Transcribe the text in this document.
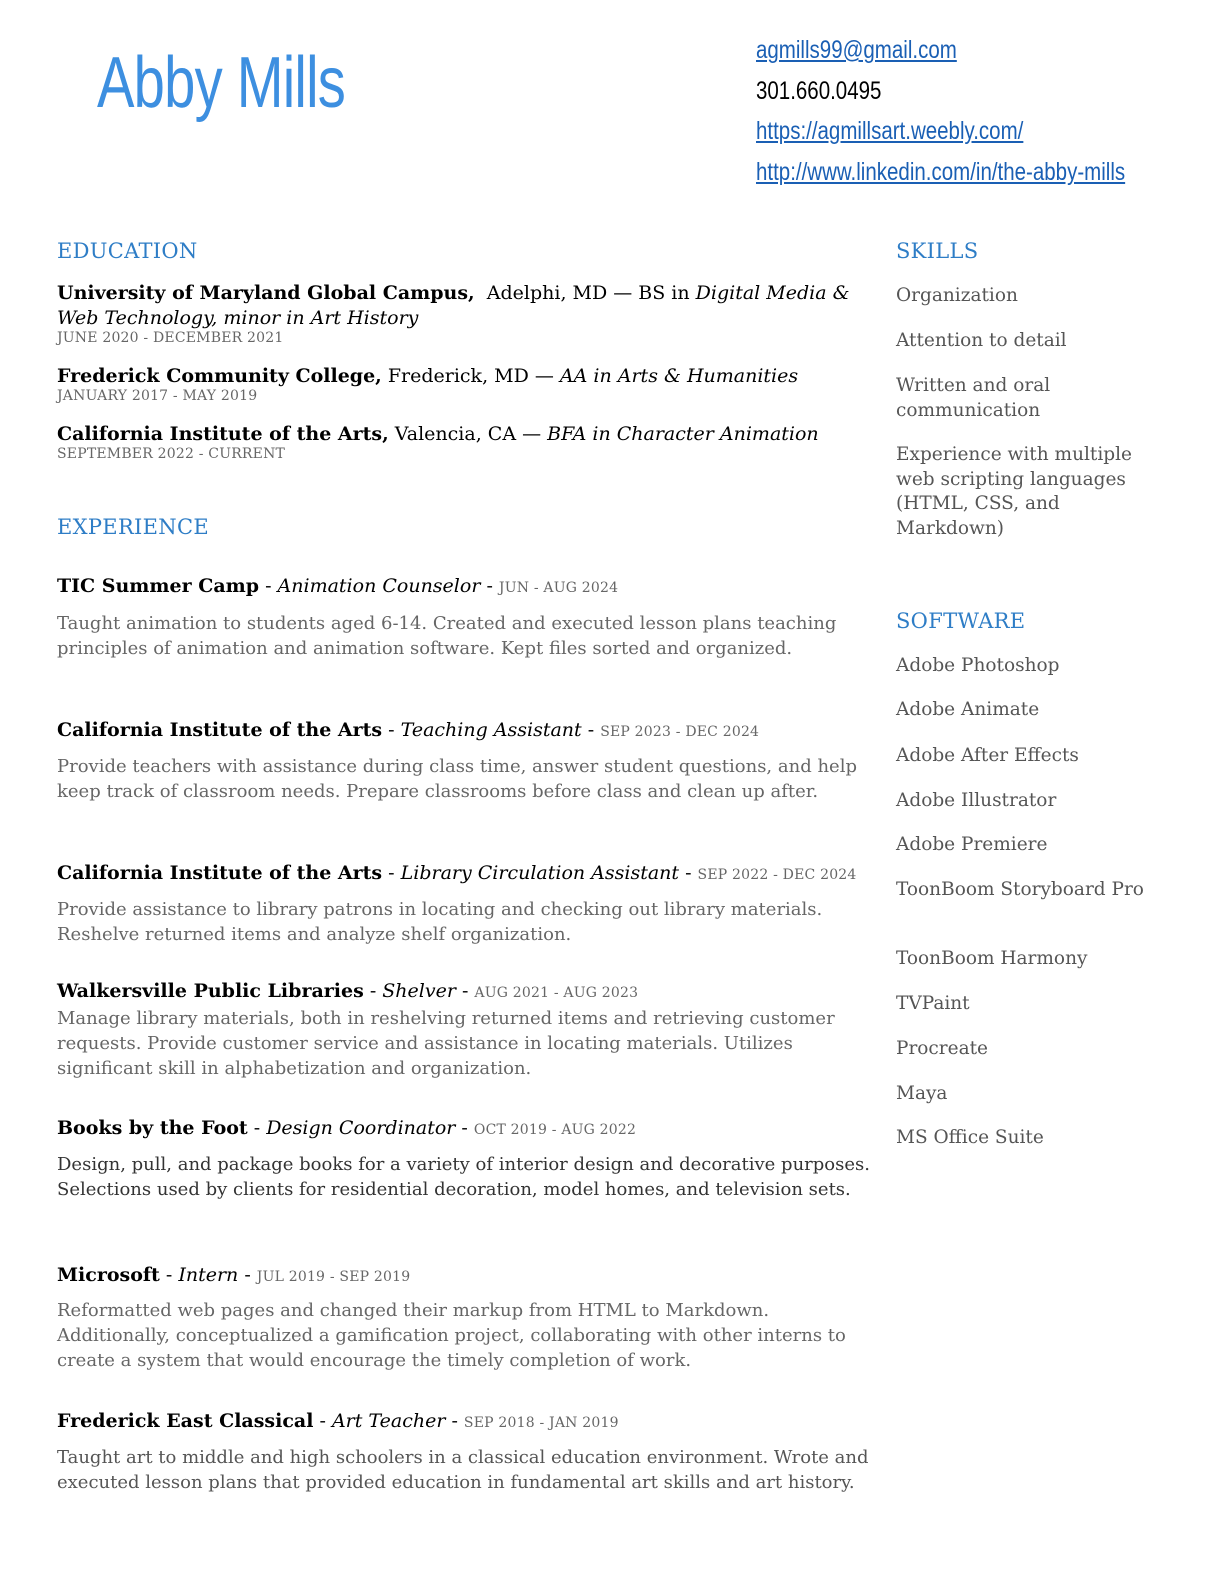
Abby Mills	agmills99@gmail.com
301.660.0495
https://agmillsart.weebly.com/
http://www.linkedin.com/in/the-abby-mills
EDUCATION
University of Maryland Global Campus,  Adelphi, MD — BS in Digital Media & Web Technology, minor in Art History
JUNE 2020 - DECEMBER 2021
Frederick Community College, Frederick, MD — AA in Arts & Humanities
JANUARY 2017 - MAY 2019
California Institute of the Arts, Valencia, CA — BFA in Character Animation
SEPTEMBER 2022 - CURRENT
EXPERIENCE
TIC Summer Camp - Animation Counselor - JUN - AUG 2024
Taught animation to students aged 6-14. Created and executed lesson plans teaching principles of animation and animation software. Kept files sorted and organized.
California Institute of the Arts - Teaching Assistant - SEP 2023 - DEC 2024
Provide teachers with assistance during class time, answer student questions, and help keep track of classroom needs. Prepare classrooms before class and clean up after.
California Institute of the Arts - Library Circulation Assistant - SEP 2022 - DEC 2024
Provide assistance to library patrons in locating and checking out library materials. Reshelve returned items and analyze shelf organization.
Walkersville Public Libraries - Shelver - AUG 2021 - AUG 2023
Manage library materials, both in reshelving returned items and retrieving customer requests. Provide customer service and assistance in locating materials. Utilizes significant skill in alphabetization and organization.
Books by the Foot - Design Coordinator - OCT 2019 - AUG 2022
Design, pull, and package books for a variety of interior design and decorative purposes. Selections used by clients for residential decoration, model homes, and television sets.
Microsoft - Intern - JUL 2019 - SEP 2019
Reformatted web pages and changed their markup from HTML to Markdown. Additionally, conceptualized a gamification project, collaborating with other interns to create a system that would encourage the timely completion of work.
Frederick East Classical - Art Teacher - SEP 2018 - JAN 2019
Taught art to middle and high schoolers in a classical education environment. Wrote and executed lesson plans that provided education in fundamental art skills and art history.
SKILLS
Organization
Attention to detail
Written and oral communication
Experience with multiple web scripting languages (HTML, CSS, and Markdown)
SOFTWARE
Adobe Photoshop
Adobe Animate
Adobe After Effects
Adobe Illustrator
Adobe Premiere
ToonBoom Storyboard Pro
ToonBoom Harmony
TVPaint
Procreate
Maya
MS Office Suite
